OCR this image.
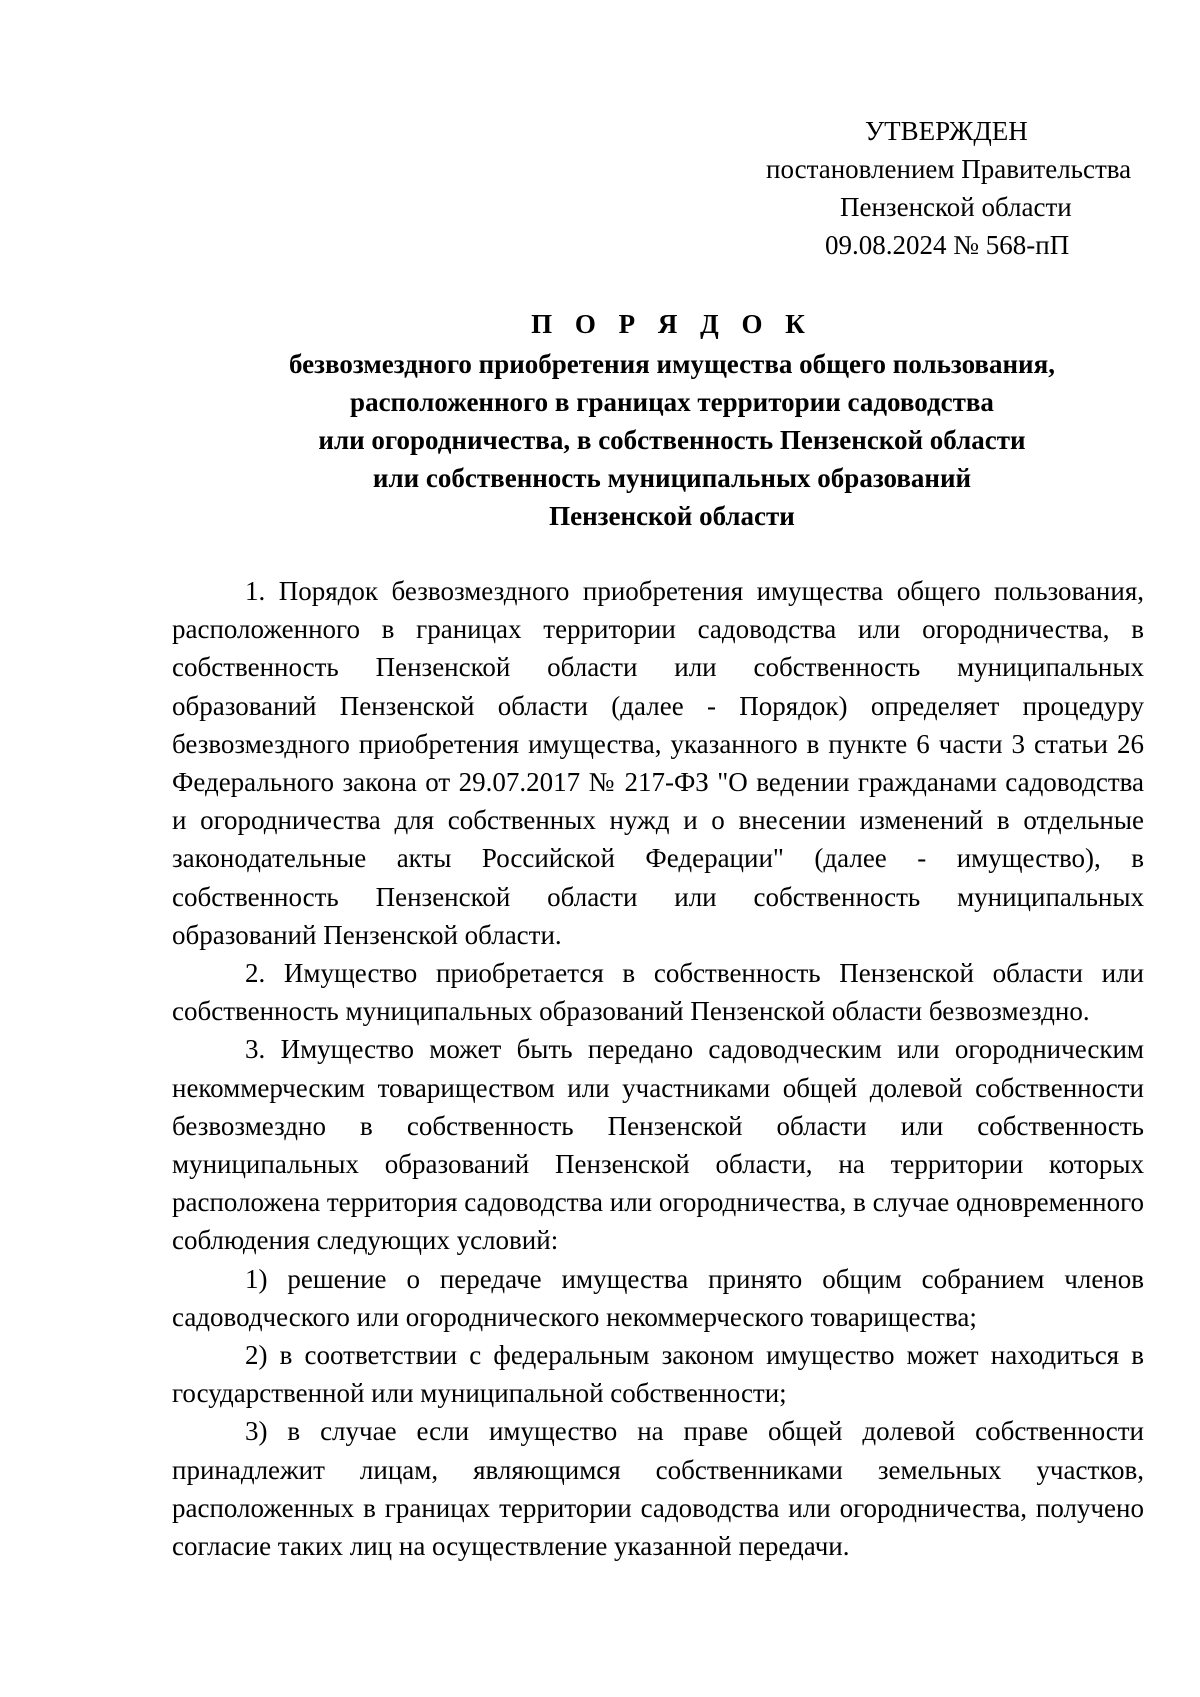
УТВЕРЖДЕН
постановлением Правительства
Пензенской области
09.08.2024 № 568-пП
П О Р Я Д О К
безвозмездного приобретения имущества общего пользования,
расположенного в границах территории садоводства
или огородничества, в собственность Пензенской области
или собственность муниципальных образований
Пензенской области

1. Порядок безвозмездного приобретения имущества общего пользования, расположенного в границах территории садоводства или огородничества, в собственность Пензенской области или собственность муниципальных образований Пензенской области (далее - Порядок) определяет процедуру безвозмездного приобретения имущества, указанного в пункте 6 части 3 статьи 26 Федерального закона от 29.07.2017 № 217-ФЗ "О ведении гражданами садоводства и огородничества для собственных нужд и о внесении изменений в отдельные законодательные акты Российской Федерации" (далее - имущество), в собственность Пензенской области или собственность муниципальных образований Пензенской области.

2. Имущество приобретается в собственность Пензенской области или собственность муниципальных образований Пензенской области безвозмездно.

3. Имущество может быть передано садоводческим или огородническим некоммерческим товариществом или участниками общей долевой собственности безвозмездно в собственность Пензенской области или собственность муниципальных образований Пензенской области, на территории которых расположена территория садоводства или огородничества, в случае одновременного соблюдения следующих условий:

1) решение о передаче имущества принято общим собранием членов садоводческого или огороднического некоммерческого товарищества;

2) в соответствии с федеральным законом имущество может находиться в государственной или муниципальной собственности;

3) в случае если имущество на праве общей долевой собственности принадлежит лицам, являющимся собственниками земельных участков, расположенных в границах территории садоводства или огородничества, получено согласие таких лиц на осуществление указанной передачи.
